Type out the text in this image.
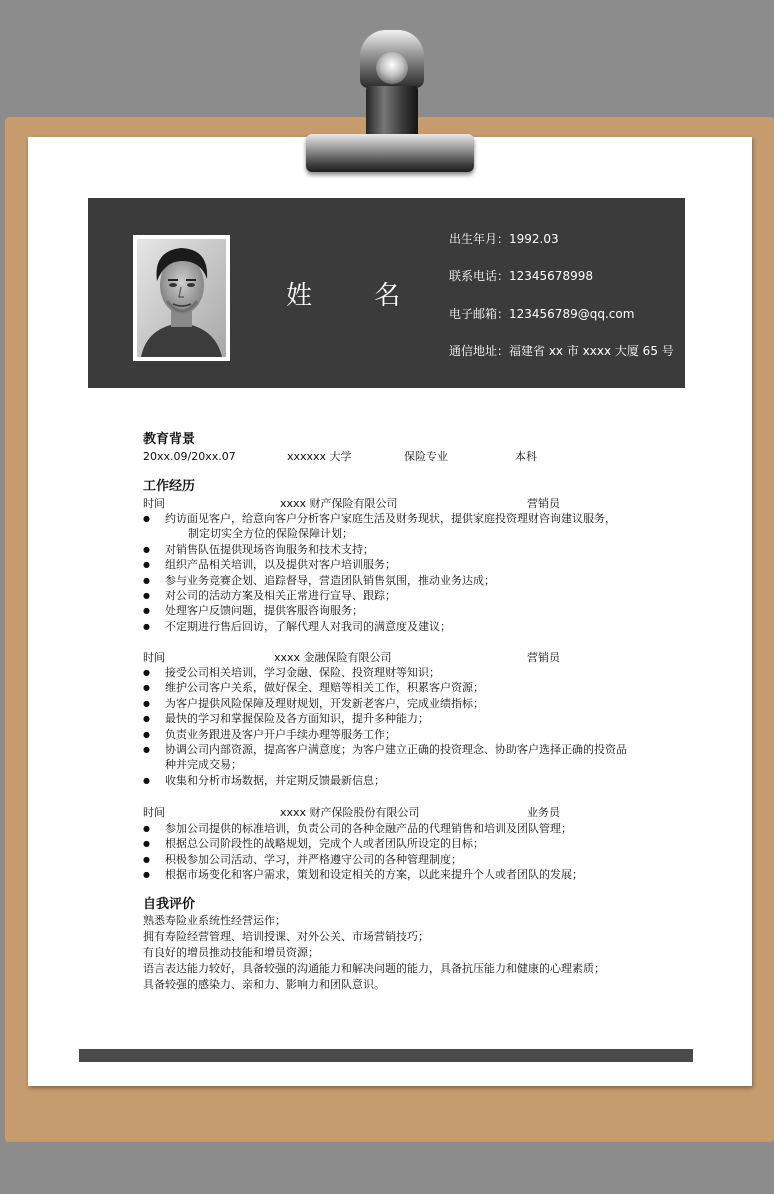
姓 名
出生年月：1992.03
联系电话：12345678998
电子邮箱：123456789@qq.com
通信地址：福建省 xx 市 xxxx 大厦 65 号
教育背景
20xx.09/20xx.07	xxxxxx 大学	保险专业	本科
工作经历
时间	xxxx 财产保险有限公司	营销员
● 约访面见客户，给意向客户分析客户家庭生活及财务现状，提供家庭投资理财咨询建议服务，
制定切实全方位的保险保障计划；
● 对销售队伍提供现场咨询服务和技术支持；
● 组织产品相关培训，以及提供对客户培训服务；
● 参与业务竞赛企划、追踪督导，营造团队销售氛围，推动业务达成；
● 对公司的活动方案及相关正常进行宣导、跟踪；
● 处理客户反馈问题，提供客服咨询服务；
● 不定期进行售后回访，了解代理人对我司的满意度及建议；
时间	xxxx 金融保险有限公司	营销员
● 接受公司相关培训，学习金融、保险、投资理财等知识；
● 维护公司客户关系，做好保全、理赔等相关工作，积累客户资源；
● 为客户提供风险保障及理财规划，开发新老客户，完成业绩指标；
● 最快的学习和掌握保险及各方面知识，提升多种能力；
● 负责业务跟进及客户开户手续办理等服务工作；
● 协调公司内部资源，提高客户满意度；为客户建立正确的投资理念、协助客户选择正确的投资品
种并完成交易；
● 收集和分析市场数据，并定期反馈最新信息；
时间	xxxx 财产保险股份有限公司	业务员
● 参加公司提供的标准培训，负责公司的各种金融产品的代理销售和培训及团队管理；
● 根据总公司阶段性的战略规划，完成个人或者团队所设定的目标；
● 积极参加公司活动、学习，并严格遵守公司的各种管理制度；
● 根据市场变化和客户需求，策划和设定相关的方案，以此来提升个人或者团队的发展；
自我评价
熟悉寿险业系统性经营运作；
拥有寿险经营管理、培训授课、对外公关、市场营销技巧；
有良好的增员推动技能和增员资源；
语言表达能力较好，具备较强的沟通能力和解决问题的能力，具备抗压能力和健康的心理素质；
具备较强的感染力、亲和力、影响力和团队意识。
